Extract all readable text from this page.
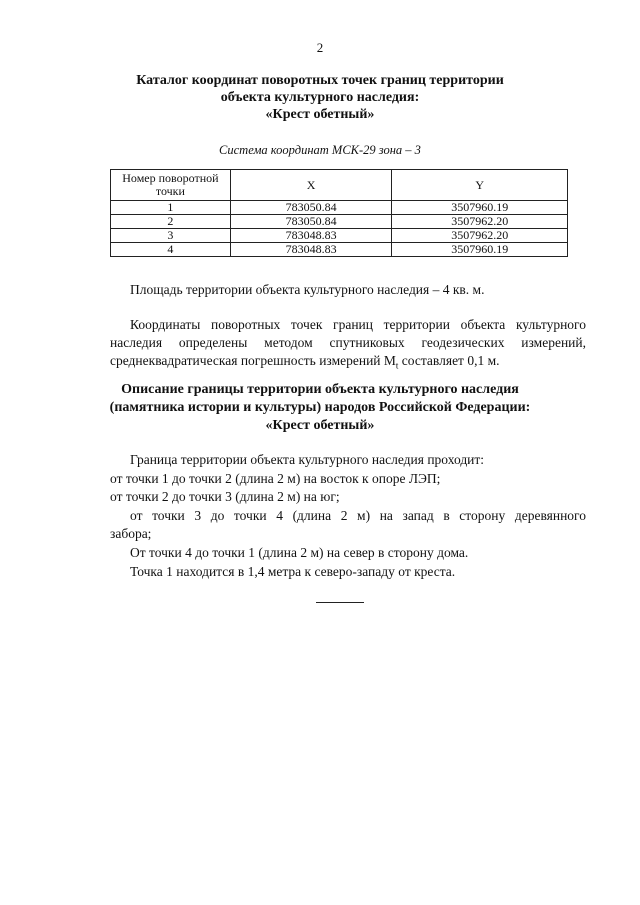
2
Каталог координат поворотных точек границ территории
объекта культурного наследия:
«Крест обетный»
Система координат МСК-29 зона – 3
Номер поворотной точки	X	Y
1	783050.84	3507960.19
2	783050.84	3507962.20
3	783048.83	3507962.20
4	783048.83	3507960.19
Площадь территории объекта культурного наследия – 4 кв. м.
Координаты поворотных точек границ территории объекта культурного
наследия определены методом спутниковых геодезических измерений,
среднеквадратическая погрешность измерений $М_t$ составляет 0,1 м.
Описание границы территории объекта культурного наследия
(памятника истории и культуры) народов Российской Федерации:
«Крест обетный»
Граница территории объекта культурного наследия проходит:
от точки 1 до точки 2 (длина 2 м) на восток к опоре ЛЭП;
от точки 2 до точки 3 (длина 2 м) на юг;
от точки 3 до точки 4 (длина 2 м) на запад в сторону деревянного
забора;
От точки 4 до точки 1 (длина 2 м) на север в сторону дома.
Точка 1 находится в 1,4 метра к северо-западу от креста.
